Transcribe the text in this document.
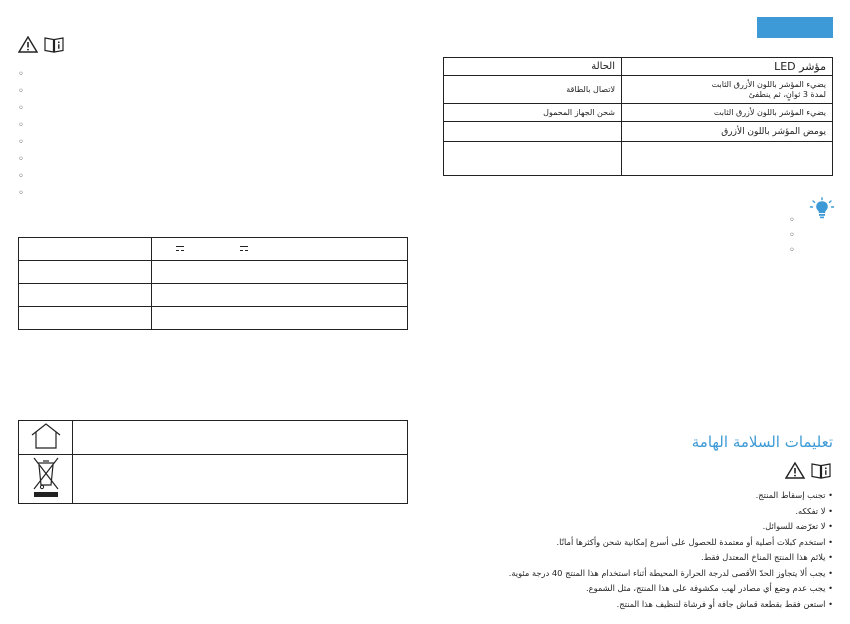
◦
◦
◦
◦
◦
◦
◦
◦

مؤشر LED	الحالة

يضيء المؤشر باللون الأزرق الثابت
لمدة 3 ثوانٍ، ثم ينطفئ	لاتصال بالطاقة
يضيء المؤشر باللون لأزرق الثابت	شحن الجهاز المحمول
يومض المؤشر باللون الأزرق	

◦
◦
◦
تعليمات السلامة الهامة
• تجنب إسقاط المنتج.
• لا تفككه.
• لا تعرّضه للسوائل.
• استخدم كبلات أصلية أو معتمدة للحصول على أسرع إمكانية شحن وأكثرها أمانًا.
• يلائم هذا المنتج المناخ المعتدل فقط.
• يجب ألا يتجاوز الحدّ الأقصى لدرجة الحرارة المحيطة أثناء استخدام هذا المنتج 40 درجة مئوية.
• يجب عدم وضع أي مصادر لهب مكشوفة على هذا المنتج، مثل الشموع.
• استعن فقط بقطعة قماش جافة أو فرشاة لتنظيف هذا المنتج.
